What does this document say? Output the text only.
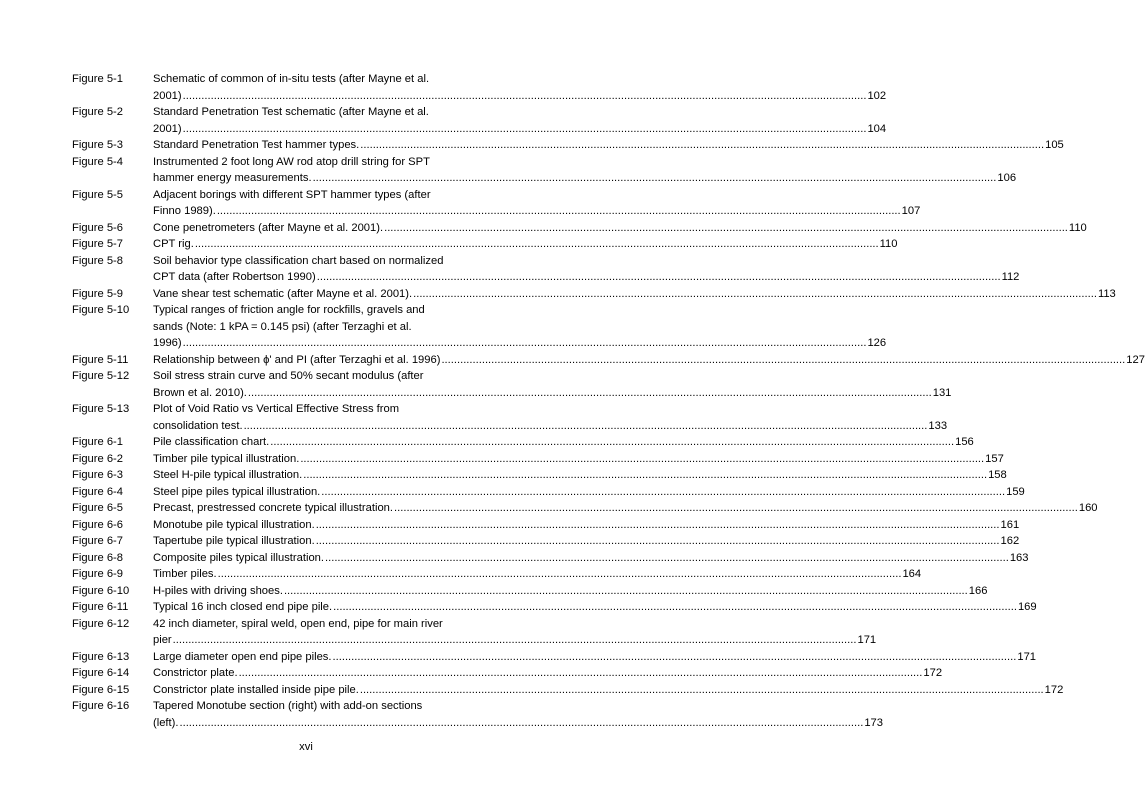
Figure 5-1	Schematic of common of in-situ tests (after Mayne et al.
2001) ............................................................................................................................................................................................................................ 102
Figure 5-2	Standard Penetration Test schematic (after Mayne et al.
2001) ............................................................................................................................................................................................................................ 104
Figure 5-3	Standard Penetration Test hammer types. ............................................................................................................................................................................................................................ 105
Figure 5-4	Instrumented 2 foot long AW rod atop drill string for SPT
hammer energy measurements. ............................................................................................................................................................................................................................ 106
Figure 5-5	Adjacent borings with different SPT hammer types (after
Finno 1989). ............................................................................................................................................................................................................................ 107
Figure 5-6	Cone penetrometers (after Mayne et al. 2001). ............................................................................................................................................................................................................................ 110
Figure 5-7	CPT rig. ............................................................................................................................................................................................................................ 110
Figure 5-8	Soil behavior type classification chart based on normalized
CPT data (after Robertson 1990) ............................................................................................................................................................................................................................ 112
Figure 5-9	Vane shear test schematic (after Mayne et al. 2001). ............................................................................................................................................................................................................................ 113
Figure 5-10 Typical ranges of friction angle for rockfills, gravels and
sands (Note: 1 kPA = 0.145 psi) (after Terzaghi et al.
1996) ............................................................................................................................................................................................................................ 126
Figure 5-11 Relationship between ϕ' and PI (after Terzaghi et al. 1996) ............................................................................................................................................................................................................................ 127
Figure 5-12 Soil stress strain curve and 50% secant modulus (after
Brown et al. 2010). ............................................................................................................................................................................................................................ 131
Figure 5-13 Plot of Void Ratio vs Vertical Effective Stress from
consolidation test. ............................................................................................................................................................................................................................ 133
Figure 6-1	Pile classification chart. ............................................................................................................................................................................................................................ 156
Figure 6-2	Timber pile typical illustration. ............................................................................................................................................................................................................................ 157
Figure 6-3	Steel H-pile typical illustration. ............................................................................................................................................................................................................................ 158
Figure 6-4	Steel pipe piles typical illustration. ............................................................................................................................................................................................................................ 159
Figure 6-5	Precast, prestressed concrete typical illustration. ............................................................................................................................................................................................................................ 160
Figure 6-6	Monotube pile typical illustration. ............................................................................................................................................................................................................................ 161
Figure 6-7	Tapertube pile typical illustration. ............................................................................................................................................................................................................................ 162
Figure 6-8	Composite piles typical illustration. ............................................................................................................................................................................................................................ 163
Figure 6-9	Timber piles. ............................................................................................................................................................................................................................ 164
Figure 6-10 H-piles with driving shoes. ............................................................................................................................................................................................................................ 166
Figure 6-11 Typical 16 inch closed end pipe pile. ............................................................................................................................................................................................................................ 169
Figure 6-12 42 inch diameter, spiral weld, open end, pipe for main river
pier ............................................................................................................................................................................................................................ 171
Figure 6-13 Large diameter open end pipe piles. ............................................................................................................................................................................................................................ 171
Figure 6-14 Constrictor plate. ............................................................................................................................................................................................................................ 172
Figure 6-15 Constrictor plate installed inside pipe pile. ............................................................................................................................................................................................................................ 172
Figure 6-16 Tapered Monotube section (right) with add-on sections
(left). ............................................................................................................................................................................................................................ 173
xvi
